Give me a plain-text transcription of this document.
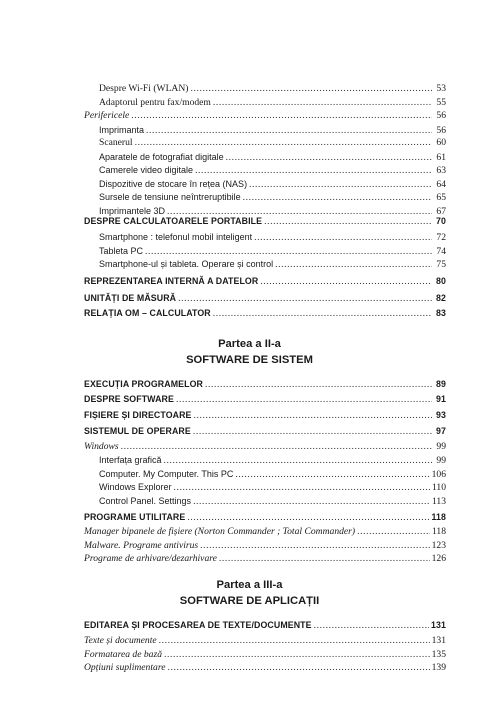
Despre Wi-Fi (WLAN) .....	53
Adaptorul pentru fax/modem .....	55
Perifericele .....	56
Imprimanta .....	56
Scanerul .....	60
Aparatele de fotografiat digitale .....	61
Camerele video digitale .....	63
Dispozitive de stocare în rețea (NAS) .....	64
Sursele de tensiune neîntreruptibile .....	65
Imprimantele 3D .....	67
DESPRE CALCULATOARELE PORTABILE .....	70
Smartphone : telefonul mobil inteligent .....	72
Tableta PC .....	74
Smartphone-ul și tableta. Operare și control .....	75
REPREZENTAREA INTERNĂ A DATELOR .....	80
UNITĂȚI DE MĂSURĂ .....	82
RELAȚIA OM – CALCULATOR .....	83
Partea a II-a
SOFTWARE DE SISTEM
EXECUȚIA PROGRAMELOR .....	89
DESPRE SOFTWARE .....	91
FIȘIERE ȘI DIRECTOARE .....	93
SISTEMUL DE OPERARE .....	97
Windows .....	99
Interfața grafică .....	99
Computer. My Computer. This PC .....	106
Windows Explorer .....	110
Control Panel. Settings .....	113
PROGRAME UTILITARE .....	118
Manager bipanele de fișiere (Norton Commander ; Total Commander) .....	118
Malware. Programe antivirus .....	123
Programe de arhivare/dezarhivare .....	126
Partea a III-a
SOFTWARE DE APLICAȚII
EDITAREA ȘI PROCESAREA DE TEXTE/DOCUMENTE .....	131
Texte și documente .....	131
Formatarea de bază .....	135
Opțiuni suplimentare .....	139
